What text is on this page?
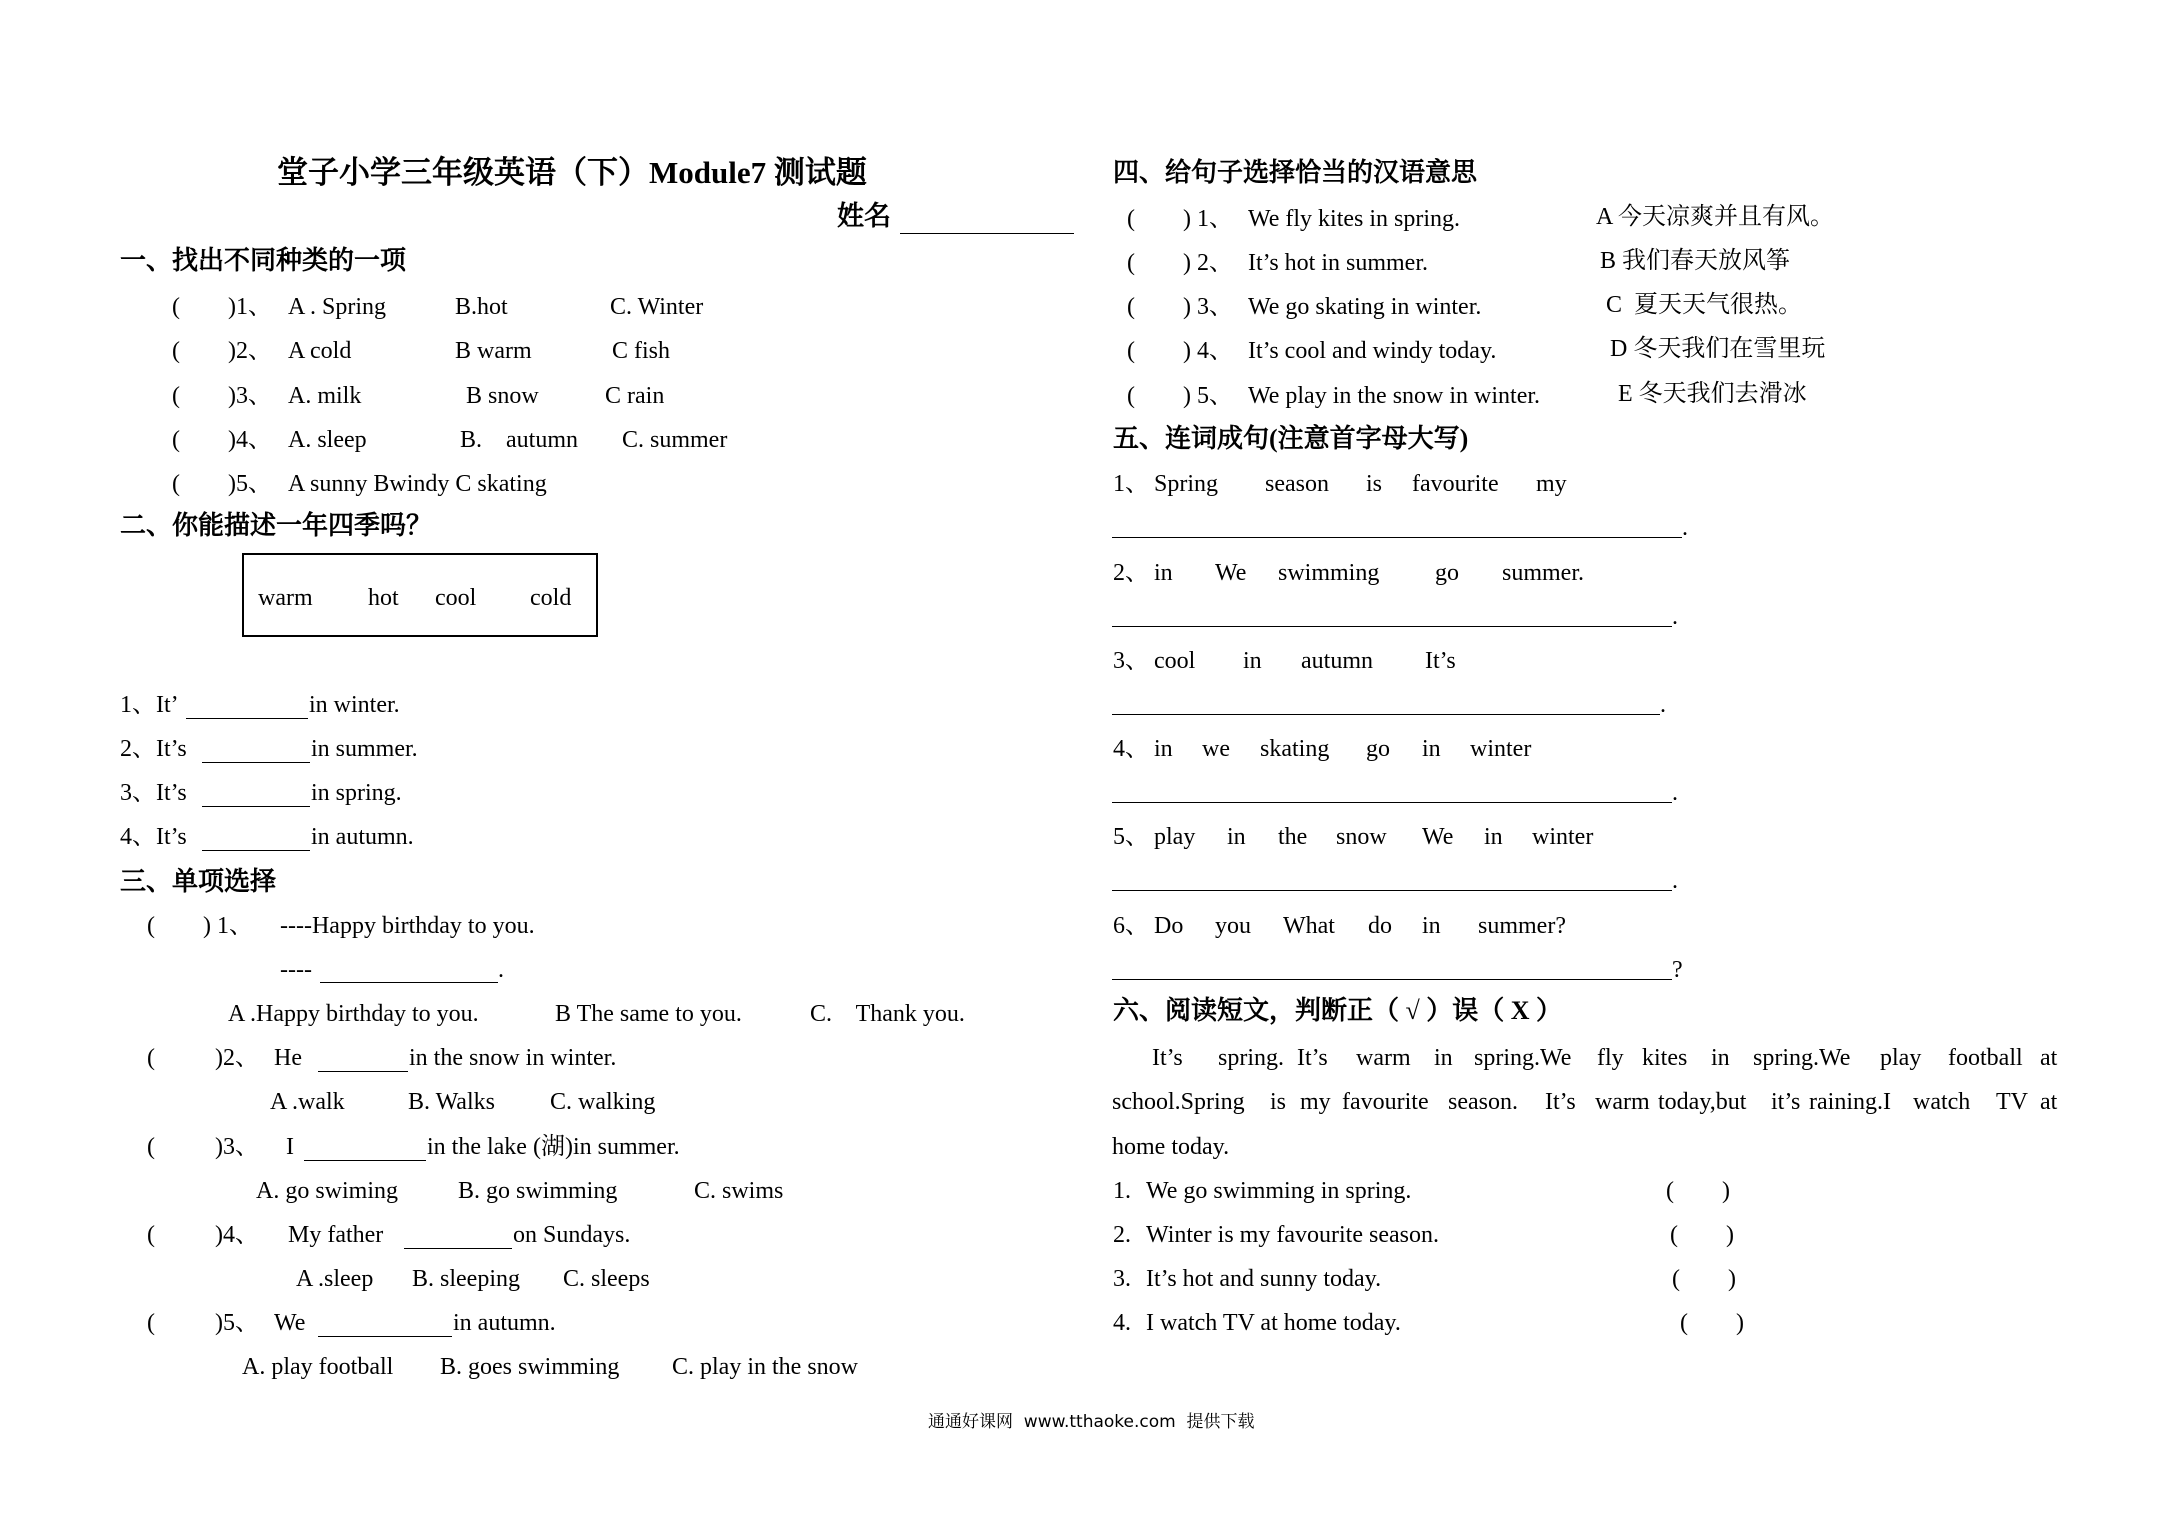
堂子小学三年级英语（下）Module7 测试题
姓名
一、找出不同种类的一项
(        )1、 A . Spring	B.hot	C. Winter
(        )2、 A cold	B warm	C fish
(        )3、 A. milk	B snow	C rain
(        )4、 A. sleep	B.    autumn C. summer
(        )5、 A sunny Bwindy C skating
二、你能描述一年四季吗？
warm hot cool cold
1、It’	in winter.
2、It’s	in summer.
3、It’s	in spring.
4、It’s	in autumn.
三、单项选择
(        ) 1、 ----Happy birthday to you.
----	.
A .Happy birthday to you.	B The same to you.	C.    Thank you.
(          )2、 He	in the snow in winter.
A .walk	B. Walks C. walking
(          )3、 I	in the lake (湖)in summer.
A. go swiming B. go swimming	C. swims
(          )4、 My father	on Sundays.
A .sleep B. sleeping C. sleeps
(          )5、 We	in autumn.
A. play football B. goes swimming C. play in the snow
四、给句子选择恰当的汉语意思
(        ) 1、 We fly kites in spring.	A 今天凉爽并且有风。
(        ) 2、 It’s hot in summer.	B 我们春天放风筝
(        ) 3、 We go skating in winter.	C  夏天天气很热。
(        ) 4、 It’s cool and windy today.	D 冬天我们在雪里玩
(        ) 5、 We play in the snow in winter.	E 冬天我们去滑冰
五、连词成句(注意首字母大写)
1、 Spring season is favourite my
.
2、 in We swimming go summer.
.
3、 cool in autumn It’s
.
4、 in we skating go in winter
.
5、 play in the snow We in winter
.
6、 Do you What do in summer?
?
六、阅读短文，判断正（ √ ）误（ X ）
It’s spring. It’s warm in spring.We fly kites in spring.We play football at
school.Spring is my favourite season. It’s warm today,but it’s raining.I watch TV at
home today.
1. We go swimming in spring.	(        )
2. Winter is my favourite season.	(        )
3. It’s hot and sunny today.	(        )
4. I watch TV at home today.	(        )
通通好课网  www.tthaoke.com  提供下载
